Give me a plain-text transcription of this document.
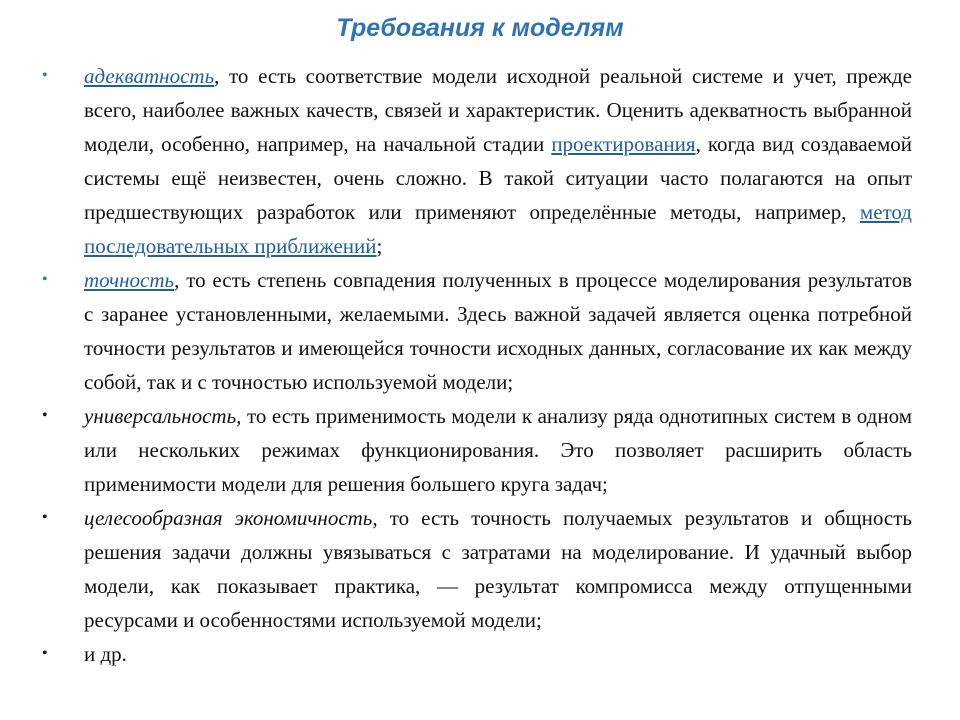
Требования к моделям
• адекватность, то есть соответствие модели исходной реальной системе и учет, прежде всего, наиболее важных качеств, связей и характеристик. Оценить адекватность выбранной модели, особенно, например, на начальной стадии проектирования, когда вид создаваемой системы ещё неизвестен, очень сложно. В такой ситуации часто полагаются на опыт предшествующих разработок или применяют определённые методы, например, метод последовательных приближений;
• точность, то есть степень совпадения полученных в процессе моделирования результатов с заранее установленными, желаемыми. Здесь важной задачей является оценка потребной точности результатов и имеющейся точности исходных данных, согласование их как между собой, так и с точностью используемой модели;
• универсальность, то есть применимость модели к анализу ряда однотипных систем в одном или нескольких режимах функционирования. Это позволяет расширить область применимости модели для решения большего круга задач;
• целесообразная экономичность, то есть точность получаемых результатов и общность решения задачи должны увязываться с затратами на моделирование. И удачный выбор модели, как показывает практика, — результат компромисса между отпущенными ресурсами и особенностями используемой модели;
• и др.
